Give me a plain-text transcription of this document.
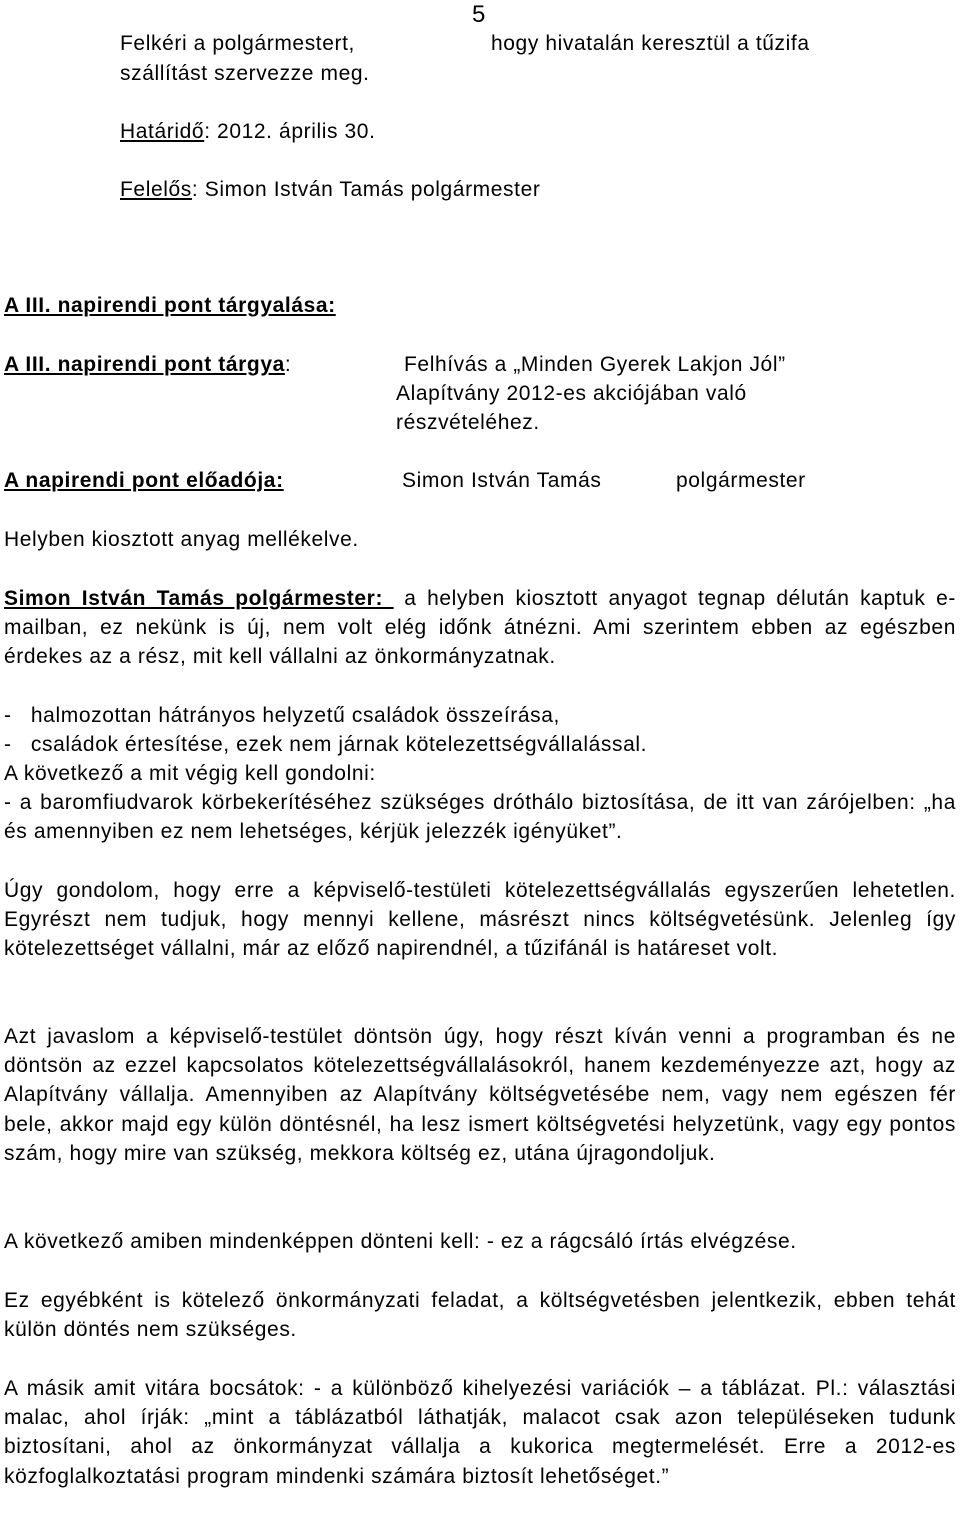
5
Felkéri a polgármestert,	hogy hivatalán keresztül a tűzifa
szállítást szervezze meg.
Határidő: 2012. április 30.
Felelős: Simon István Tamás polgármester
A III. napirendi pont tárgyalása:
A III. napirendi pont tárgya:	Felhívás a „Minden Gyerek Lakjon Jól”
Alapítvány 2012-es akciójában való
részvételéhez.
A napirendi pont előadója:	Simon István Tamás	polgármester
Helyben kiosztott anyag mellékelve.
Simon István Tamás polgármester:  a helyben kiosztott anyagot tegnap délután kaptuk e-mailban, ez nekünk is új, nem volt elég időnk átnézni. Ami szerintem ebben az egészben érdekes az a rész, mit kell vállalni az önkormányzatnak.
-   halmozottan hátrányos helyzetű családok összeírása,
-   családok értesítése, ezek nem járnak kötelezettségvállalással.
A következő a mit végig kell gondolni:
- a baromfiudvarok körbekerítéséhez szükséges dróthálo biztosítása, de itt van zárójelben: „ha és amennyiben ez nem lehetséges, kérjük jelezzék igényüket”.
Úgy gondolom, hogy erre a képviselő-testületi kötelezettségvállalás egyszerűen lehetetlen. Egyrészt nem tudjuk, hogy mennyi kellene, másrészt nincs költségvetésünk. Jelenleg így kötelezettséget vállalni, már az előző napirendnél, a tűzifánál is határeset volt.
Azt javaslom a képviselő-testület döntsön úgy, hogy részt kíván venni a programban és ne döntsön az ezzel kapcsolatos kötelezettségvállalásokról, hanem kezdeményezze azt, hogy az Alapítvány vállalja. Amennyiben az Alapítvány költségvetésébe nem, vagy nem egészen fér bele, akkor majd egy külön döntésnél, ha lesz ismert költségvetési helyzetünk, vagy egy pontos szám, hogy mire van szükség, mekkora költség ez, utána újragondoljuk.
A következő amiben mindenképpen dönteni kell: - ez a rágcsáló írtás elvégzése.
Ez egyébként is kötelező önkormányzati feladat, a költségvetésben jelentkezik, ebben tehát külön döntés nem szükséges.
A másik amit vitára bocsátok: - a különböző kihelyezési variációk – a táblázat. Pl.: választási malac, ahol írják: „mint a táblázatból láthatják, malacot csak azon településeken tudunk biztosítani, ahol az önkormányzat vállalja a kukorica megtermelését. Erre a 2012-es közfoglalkoztatási program mindenki számára biztosít lehetőséget.”
